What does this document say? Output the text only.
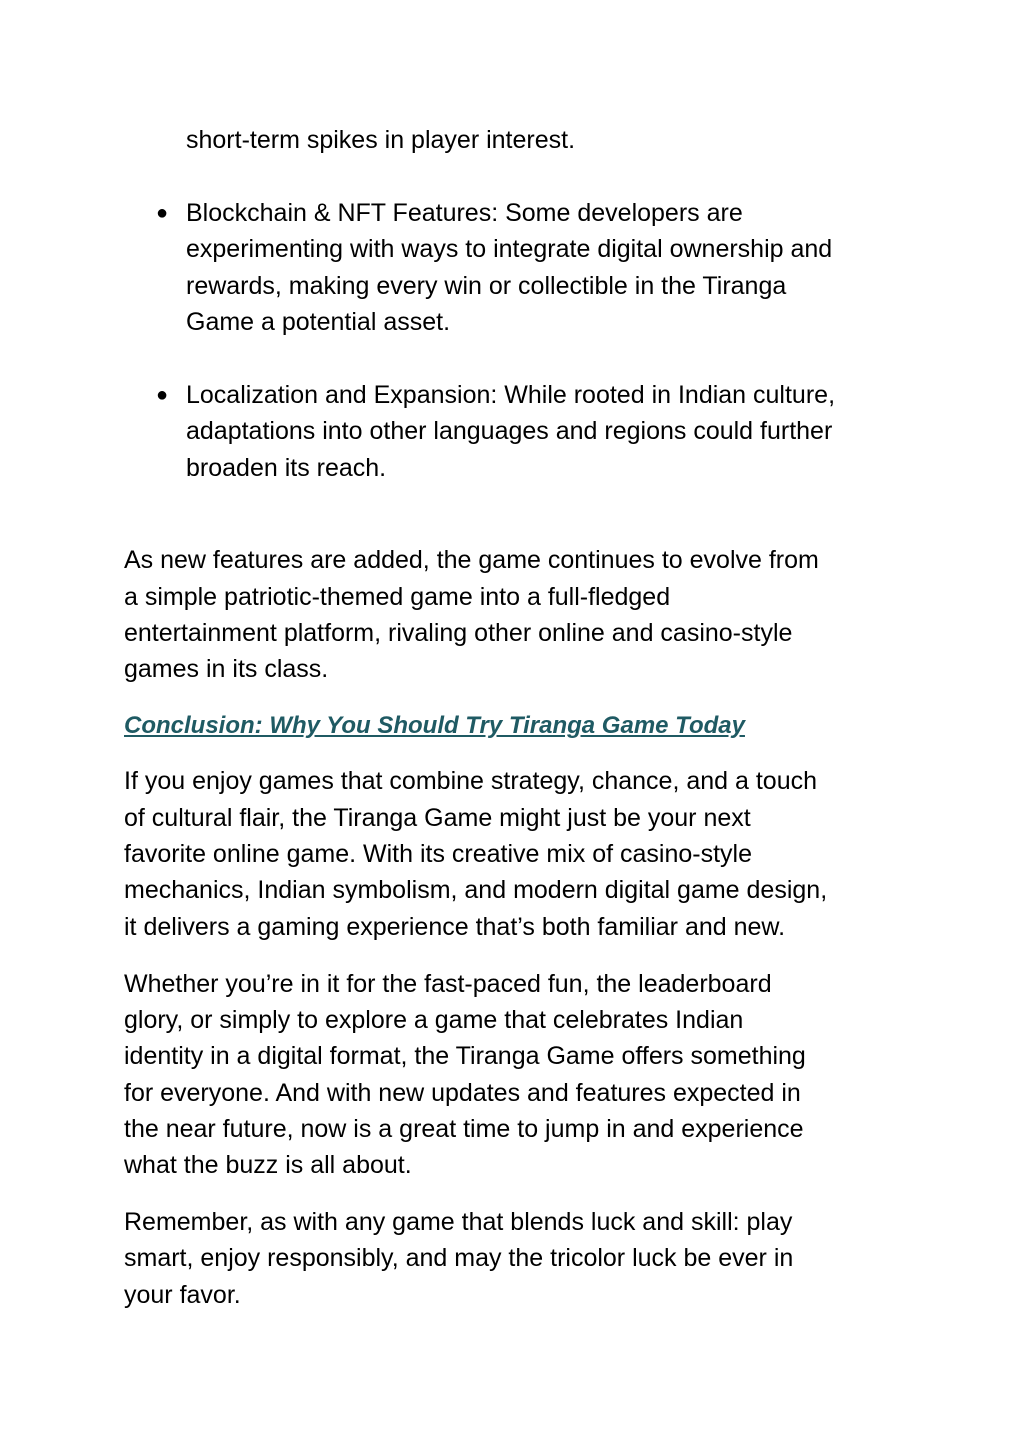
short-term spikes in player interest.

● Blockchain & NFT Features: Some developers are

experimenting with ways to integrate digital ownership and

rewards, making every win or collectible in the Tiranga

Game a potential asset.

● Localization and Expansion: While rooted in Indian culture,

adaptations into other languages and regions could further

broaden its reach.

As new features are added, the game continues to evolve from

a simple patriotic-themed game into a full-fledged

entertainment platform, rivaling other online and casino-style

games in its class.

Conclusion: Why You Should Try Tiranga Game Today

If you enjoy games that combine strategy, chance, and a touch

of cultural flair, the Tiranga Game might just be your next

favorite online game. With its creative mix of casino-style

mechanics, Indian symbolism, and modern digital game design,

it delivers a gaming experience that’s both familiar and new.

Whether you’re in it for the fast-paced fun, the leaderboard

glory, or simply to explore a game that celebrates Indian

identity in a digital format, the Tiranga Game offers something

for everyone. And with new updates and features expected in

the near future, now is a great time to jump in and experience

what the buzz is all about.

Remember, as with any game that blends luck and skill: play

smart, enjoy responsibly, and may the tricolor luck be ever in

your favor.
